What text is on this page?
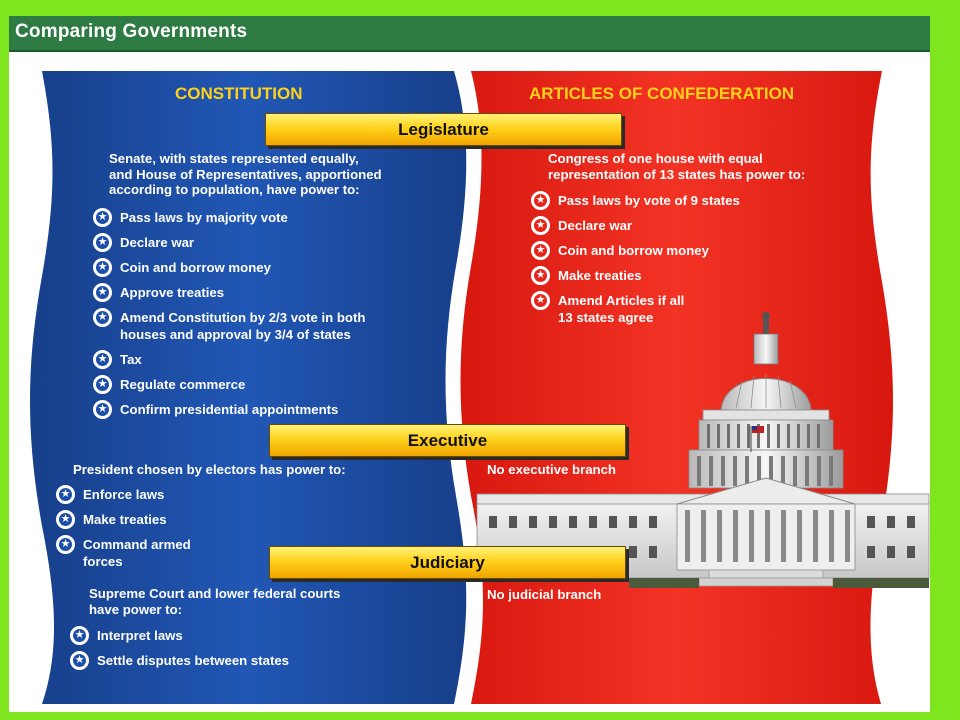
Comparing Governments
CONSTITUTION	ARTICLES OF CONFEDERATION
Legislature
Executive
Judiciary
Senate, with states represented equally,
and House of Representatives, apportioned
according to population, have power to:
★
Pass laws by majority vote
★
Declare war
★
Coin and borrow money
★
Approve treaties
★
Amend Constitution by 2/3 vote in both
houses and approval by 3/4 of states
★
Tax
★
Regulate commerce
★
Confirm presidential appointments
Congress of one house with equal
representation of 13 states has power to:
★
Pass laws by vote of 9 states
★
Declare war
★
Coin and borrow money
★
Make treaties
★
Amend Articles if all
13 states agree
President chosen by electors has power to:
★
Enforce laws
★
Make treaties
★
Command armed
forces
No executive branch
Supreme Court and lower federal courts
have power to:
★
Interpret laws
★
Settle disputes between states
No judicial branch
